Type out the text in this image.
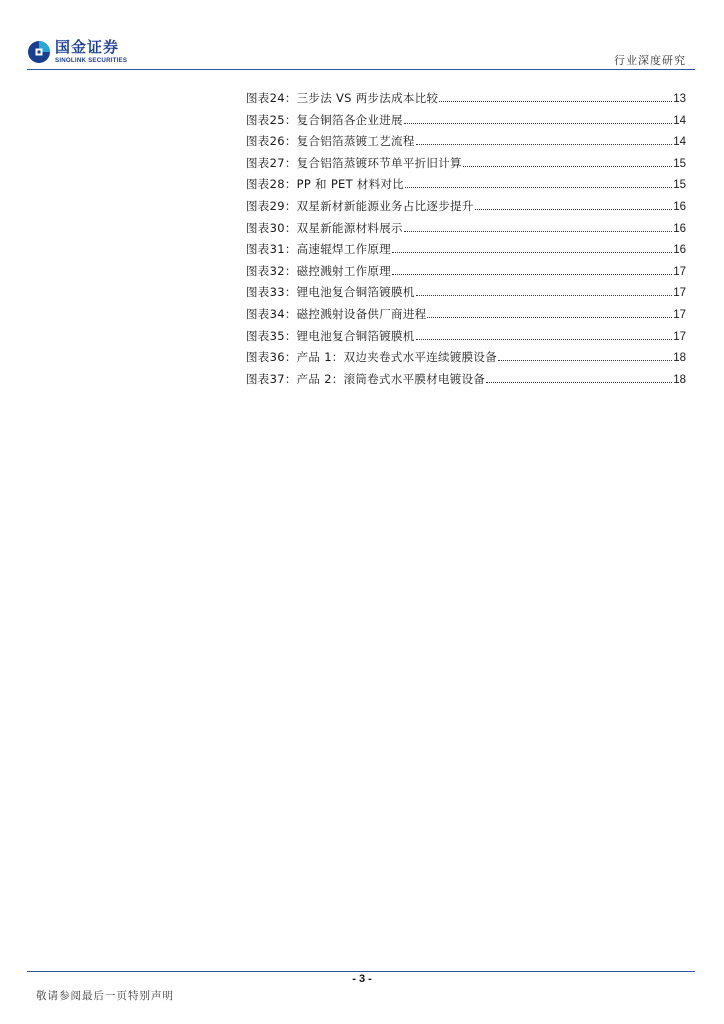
国金证券
SINOLINK SECURITIES	行业深度研究
图表24：三步法 VS 两步法成本比较	13
图表25：复合铜箔各企业进展	14
图表26：复合铝箔蒸镀工艺流程	14
图表27：复合铝箔蒸镀环节单平折旧计算	15
图表28：PP 和 PET 材料对比	15
图表29：双星新材新能源业务占比逐步提升	16
图表30：双星新能源材料展示	16
图表31：高速辊焊工作原理	16
图表32：磁控溅射工作原理	17
图表33：锂电池复合铜箔镀膜机	17
图表34：磁控溅射设备供厂商进程	17
图表35：锂电池复合铜箔镀膜机	17
图表36：产品 1：双边夹卷式水平连续镀膜设备	18
图表37：产品 2：滚筒卷式水平膜材电镀设备	18
- 3 -
敬请参阅最后一页特别声明
